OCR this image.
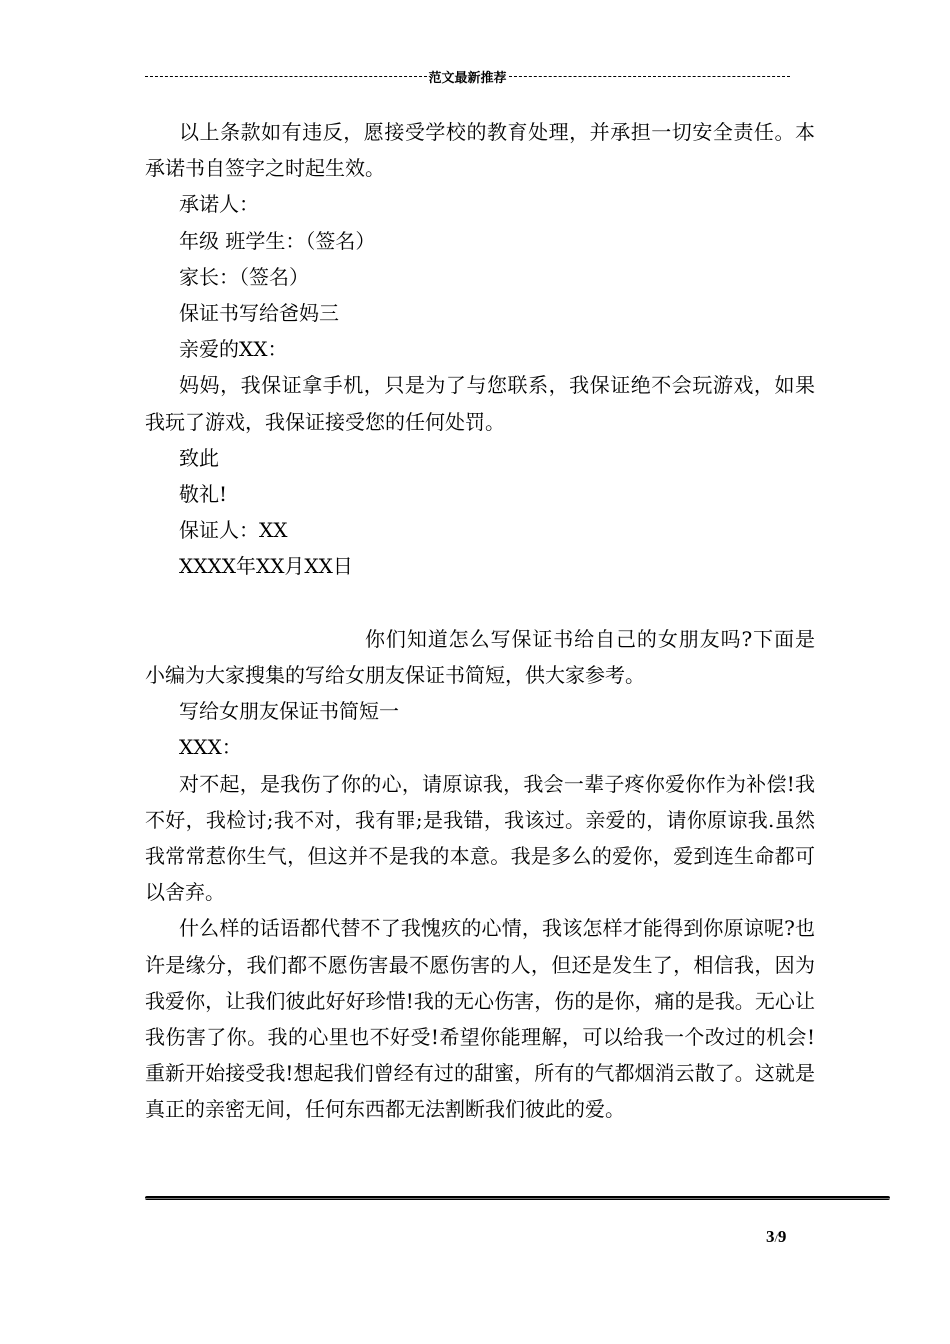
范文最新推荐

以上条款如有违反，愿接受学校的教育处理，并承担一切安全责任。本承诺书自签字之时起生效。

承诺人：

年级 班学生：（签名）

家长：（签名）

保证书写给爸妈三

亲爱的XX：

妈妈，我保证拿手机，只是为了与您联系，我保证绝不会玩游戏，如果我玩了游戏，我保证接受您的任何处罚。

致此

敬礼!

保证人：XX

XXXX年XX月XX日

你们知道怎么写保证书给自己的女朋友吗?下面是小编为大家搜集的写给女朋友保证书简短，供大家参考。

写给女朋友保证书简短一

XXX：

对不起，是我伤了你的心，请原谅我，我会一辈子疼你爱你作为补偿!我不好，我检讨;我不对，我有罪;是我错，我该过。亲爱的，请你原谅我.虽然我常常惹你生气，但这并不是我的本意。我是多么的爱你，爱到连生命都可以舍弃。

什么样的话语都代替不了我愧疚的心情，我该怎样才能得到你原谅呢?也许是缘分，我们都不愿伤害最不愿伤害的人，但还是发生了，相信我，因为我爱你，让我们彼此好好珍惜!我的无心伤害，伤的是你，痛的是我。无心让我伤害了你。我的心里也不好受!希望你能理解，可以给我一个改过的机会!重新开始接受我!想起我们曾经有过的甜蜜，所有的气都烟消云散了。这就是真正的亲密无间，任何东西都无法割断我们彼此的爱。

3/9
